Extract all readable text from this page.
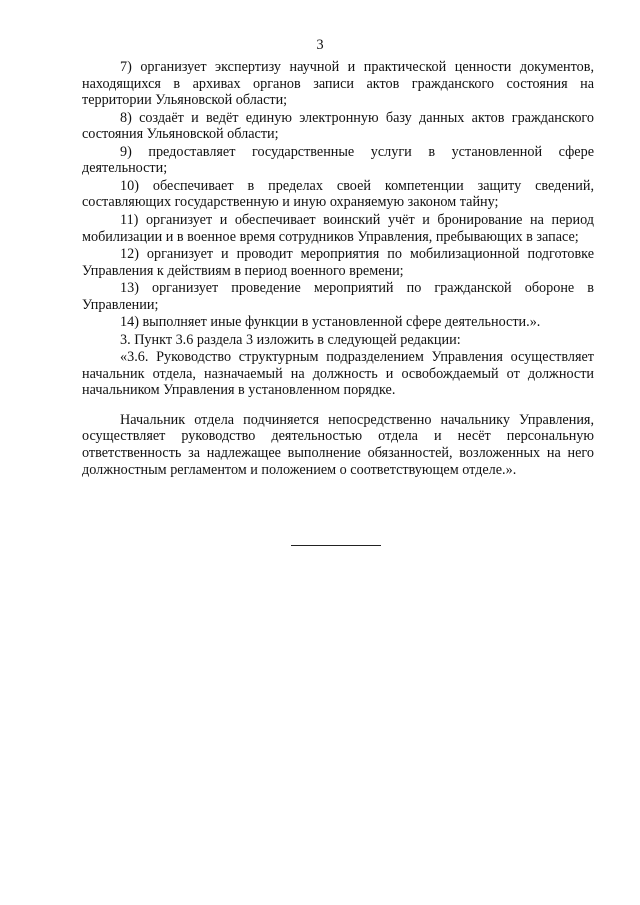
3

7) организует экспертизу научной и практической ценности документов, находящихся в архивах органов записи актов гражданского состояния на территории Ульяновской области;

8) создаёт и ведёт единую электронную базу данных актов гражданского состояния Ульяновской области;

9) предоставляет государственные услуги в установленной сфере деятельности;

10) обеспечивает в пределах своей компетенции защиту сведений, составляющих государственную и иную охраняемую законом тайну;

11) организует и обеспечивает воинский учёт и бронирование на период мобилизации и в военное время сотрудников Управления, пребывающих в запасе;

12) организует и проводит мероприятия по мобилизационной подготовке Управления к действиям в период военного времени;

13) организует проведение мероприятий по гражданской обороне в Управлении;

14) выполняет иные функции в установленной сфере деятельности.».

3. Пункт 3.6 раздела 3 изложить в следующей редакции:

«3.6. Руководство структурным подразделением Управления осуществляет начальник отдела, назначаемый на должность и освобождаемый от должности начальником Управления в установленном порядке.

Начальник отдела подчиняется непосредственно начальнику Управления, осуществляет руководство деятельностью отдела и несёт персональную ответственность за надлежащее выполнение обязанностей, возложенных на него должностным регламентом и положением о соответствующем отделе.».
